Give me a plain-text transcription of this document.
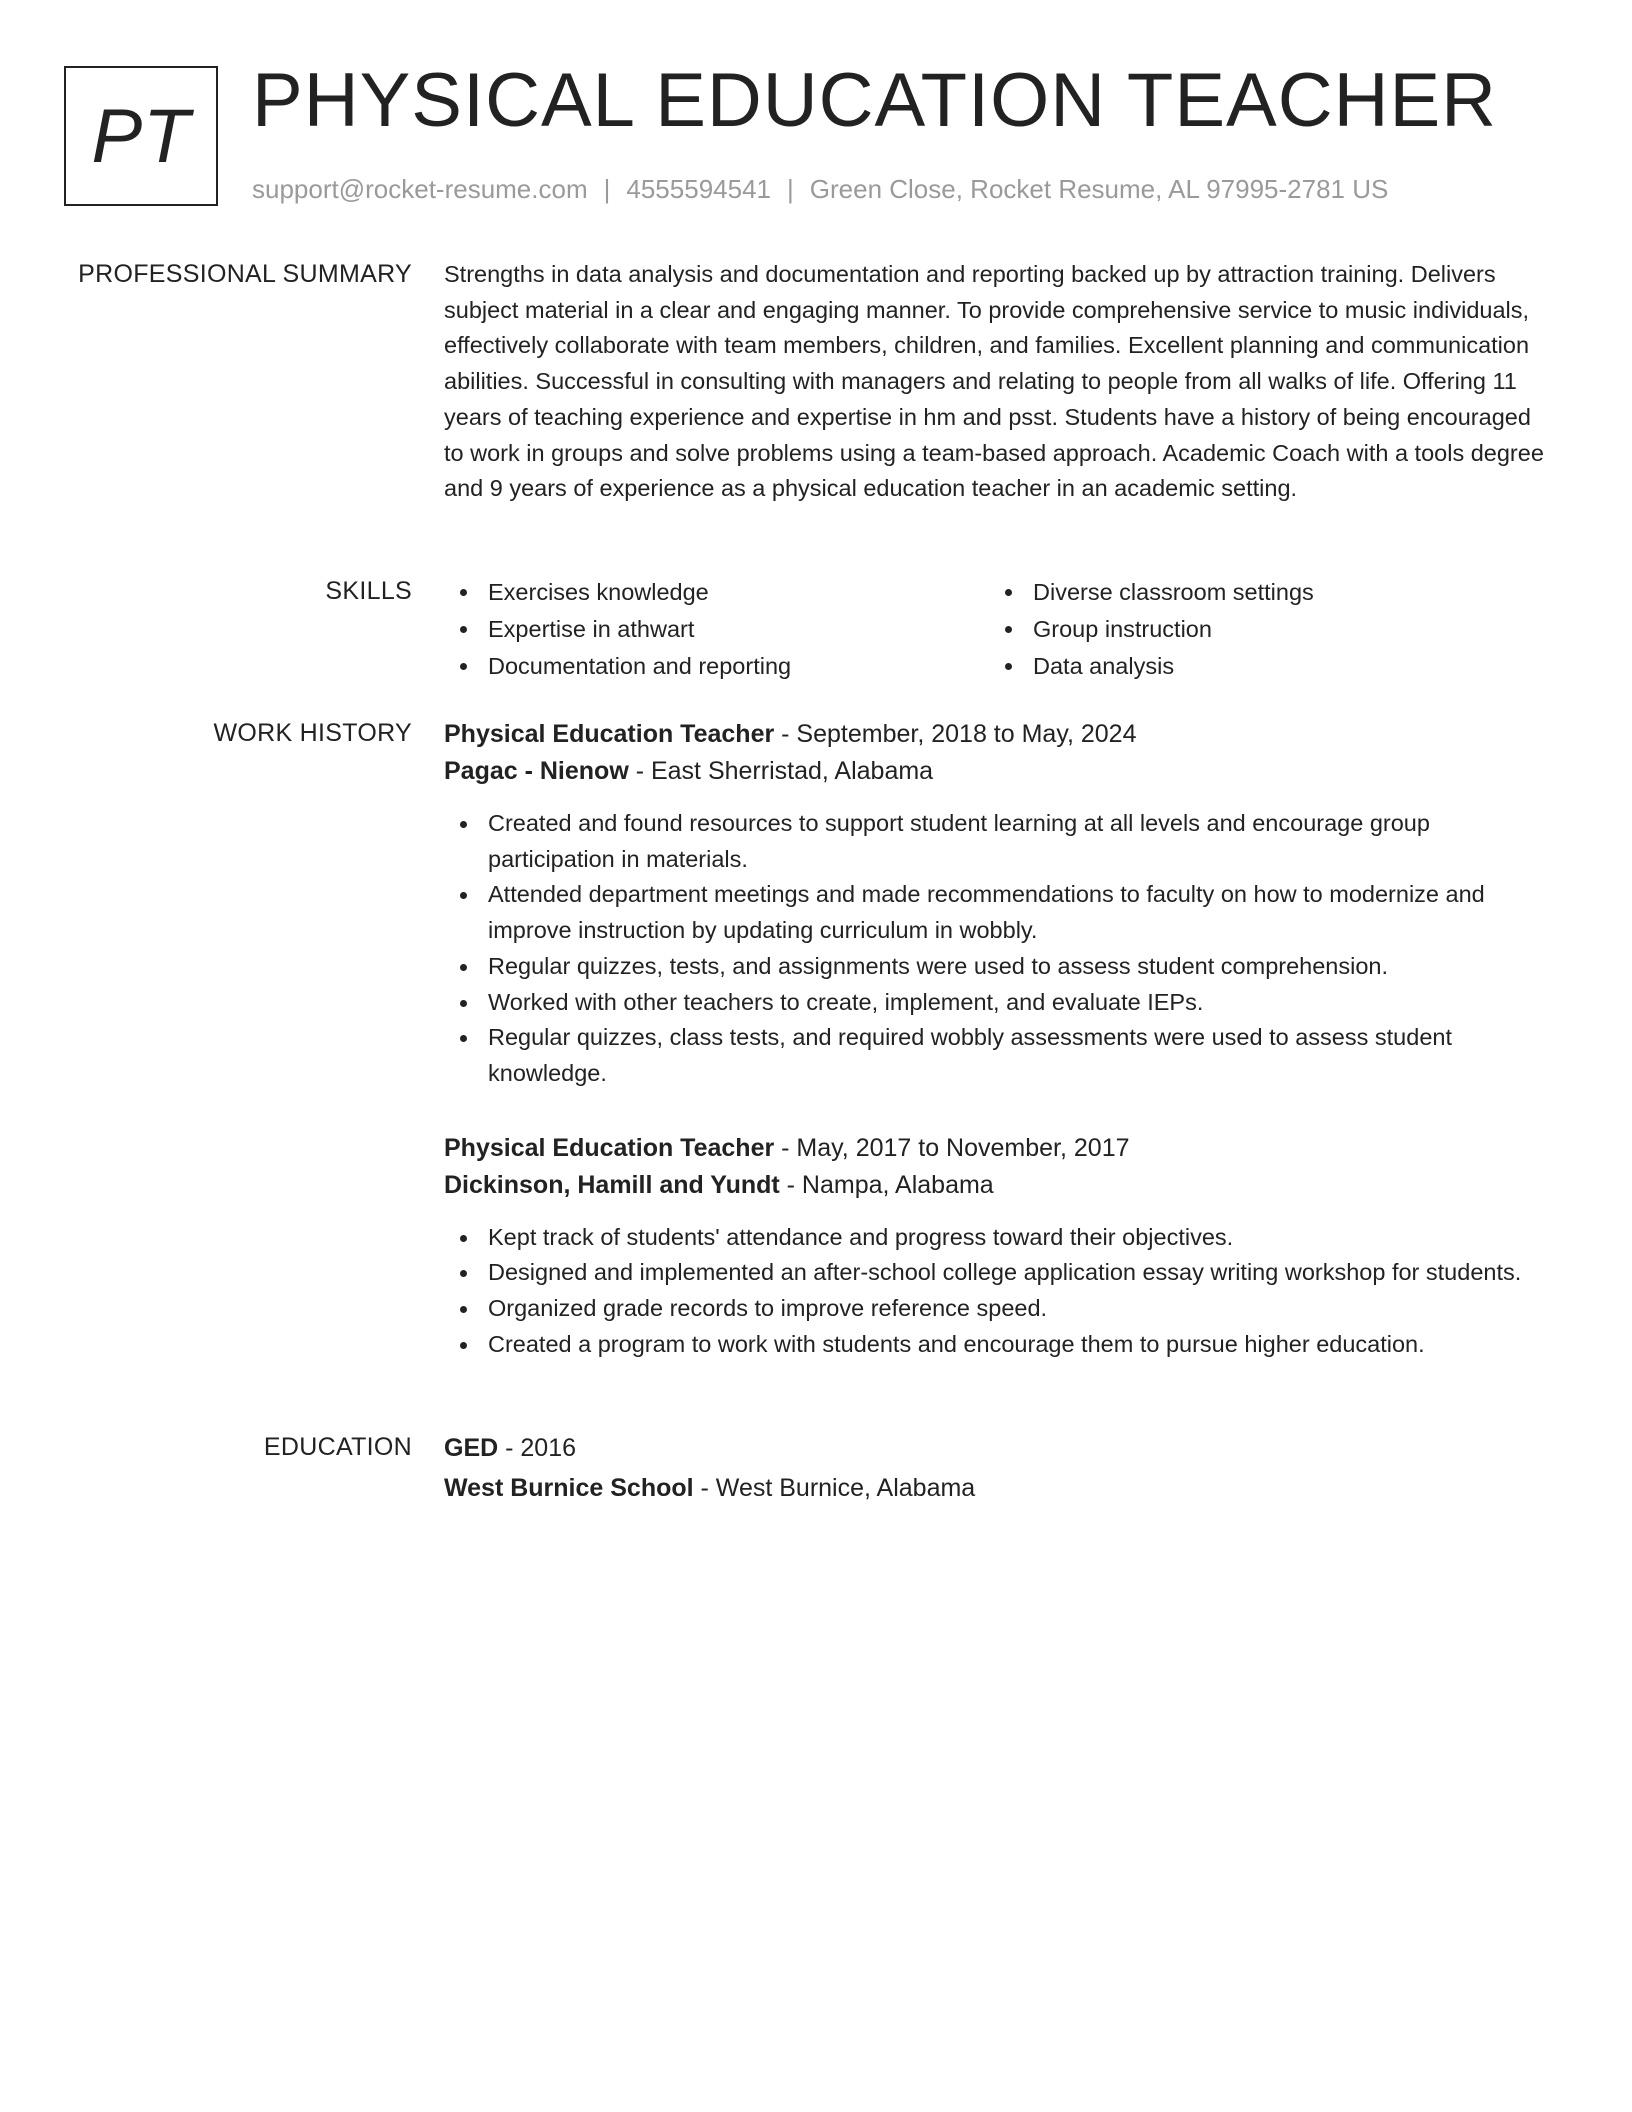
PT PHYSICAL EDUCATION TEACHER
support@rocket-resume.com | 4555594541 | Green Close, Rocket Resume, AL 97995-2781 US
PROFESSIONAL SUMMARY Strengths in data analysis and documentation and reporting backed up by attraction training. Delivers subject material in a clear and engaging manner. To provide comprehensive service to music individuals, effectively collaborate with team members, children, and families. Excellent planning and communication abilities. Successful in consulting with managers and relating to people from all walks of life. Offering 11 years of teaching experience and expertise in hm and psst. Students have a history of being encouraged to work in groups and solve problems using a team-based approach. Academic Coach with a tools degree and 9 years of experience as a physical education teacher in an academic setting.

SKILLS	Exercises knowledge
Expertise in athwart
Documentation and reporting
Diverse classroom settings
Group instruction
Data analysis
WORK HISTORY Physical Education Teacher - September, 2018 to May, 2024
Pagac - Nienow - East Sherristad, Alabama
Created and found resources to support student learning at all levels and encourage group participation in materials.
Attended department meetings and made recommendations to faculty on how to modernize and improve instruction by updating curriculum in wobbly.
Regular quizzes, tests, and assignments were used to assess student comprehension.
Worked with other teachers to create, implement, and evaluate IEPs.
Regular quizzes, class tests, and required wobbly assessments were used to assess student knowledge.
Physical Education Teacher - May, 2017 to November, 2017
Dickinson, Hamill and Yundt - Nampa, Alabama
Kept track of students' attendance and progress toward their objectives.
Designed and implemented an after-school college application essay writing workshop for students.
Organized grade records to improve reference speed.
Created a program to work with students and encourage them to pursue higher education.
EDUCATION GED - 2016
West Burnice School - West Burnice, Alabama
